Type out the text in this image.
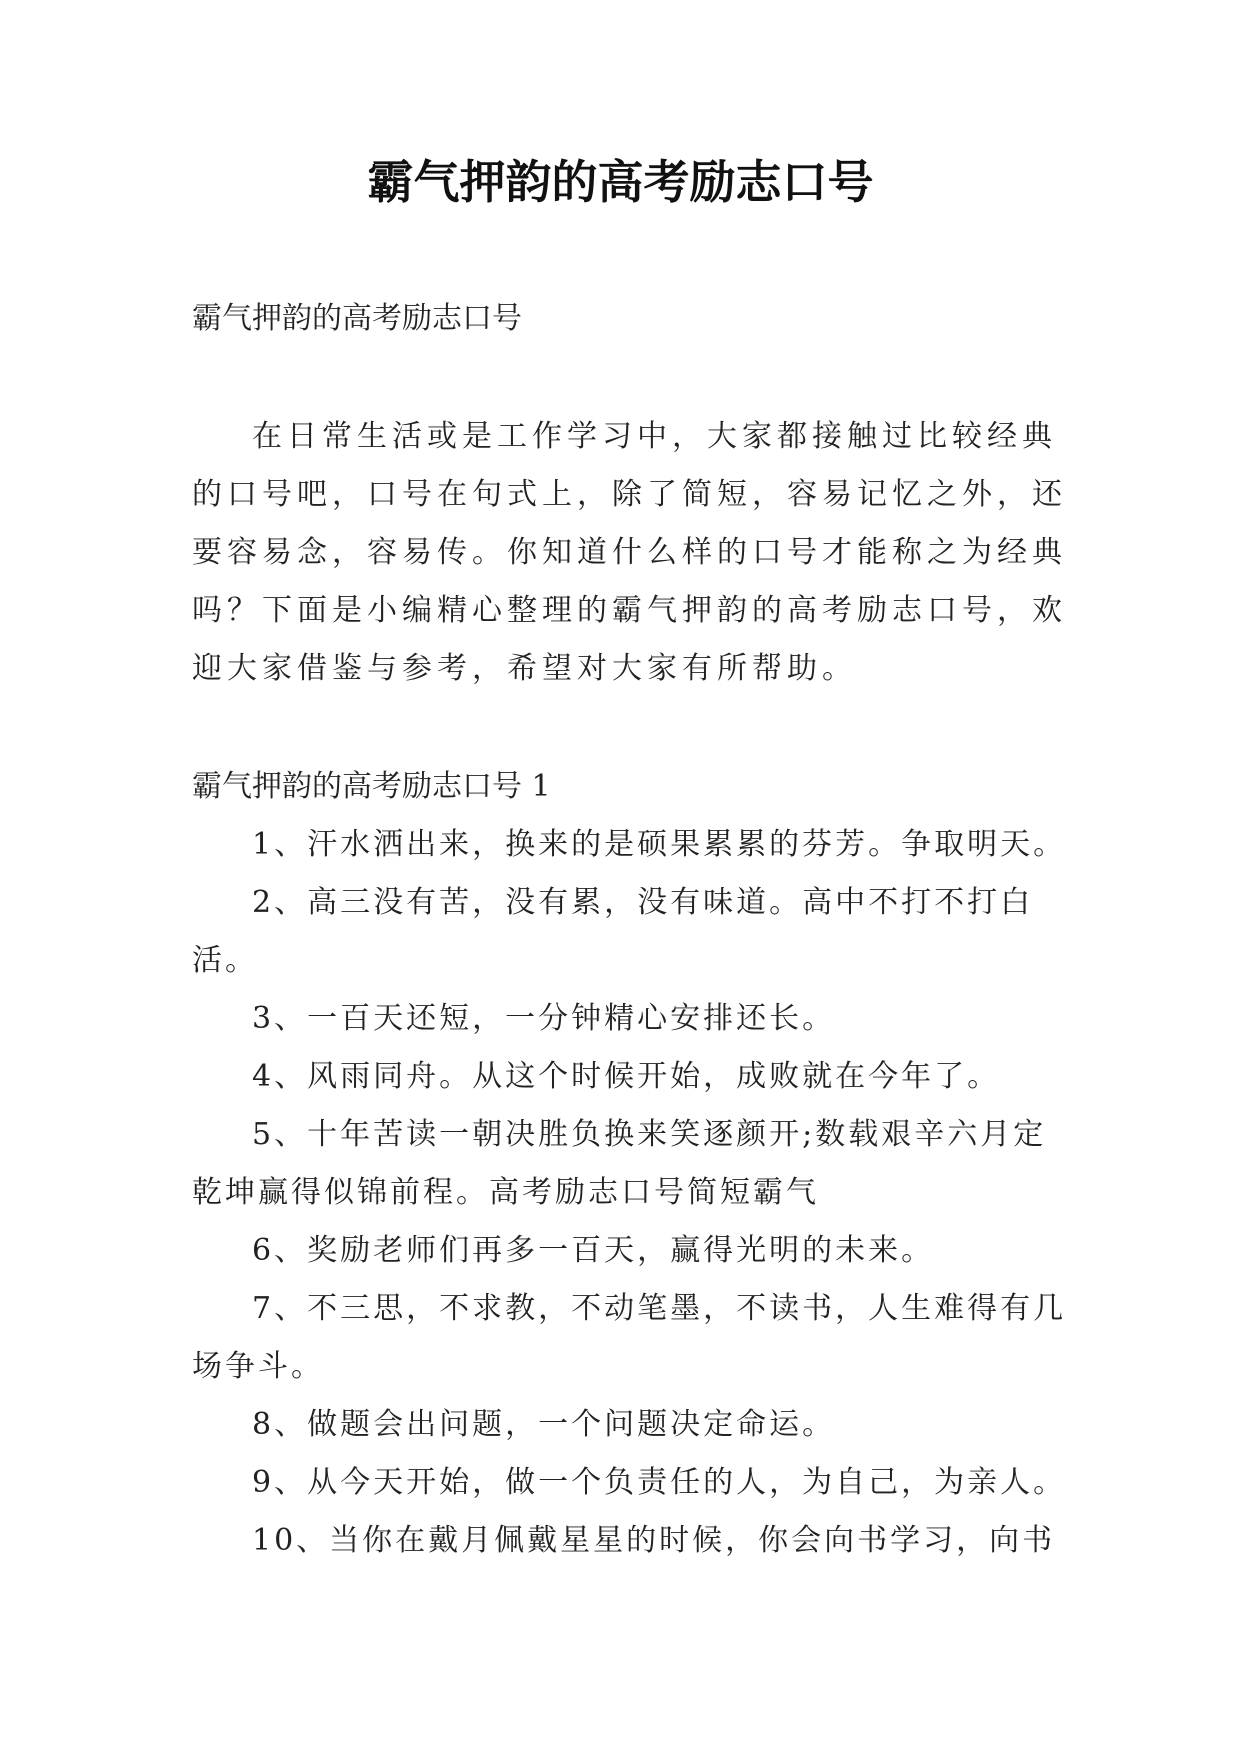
霸气押韵的高考励志口号

霸气押韵的高考励志口号

在日常生活或是工作学习中，大家都接触过比较经典的口号吧，口号在句式上，除了简短，容易记忆之外，还要容易念，容易传。你知道什么样的口号才能称之为经典吗？下面是小编精心整理的霸气押韵的高考励志口号，欢迎大家借鉴与参考，希望对大家有所帮助。

霸气押韵的高考励志口号 1

1、汗水洒出来，换来的是硕果累累的芬芳。争取明天。

2、高三没有苦，没有累，没有味道。高中不打不打白活。

3、一百天还短，一分钟精心安排还长。

4、风雨同舟。从这个时候开始，成败就在今年了。

5、十年苦读一朝决胜负换来笑逐颜开;数载艰辛六月定乾坤赢得似锦前程。高考励志口号简短霸气

6、奖励老师们再多一百天，赢得光明的未来。

7、不三思，不求教，不动笔墨，不读书，人生难得有几场争斗。

8、做题会出问题，一个问题决定命运。

9、从今天开始，做一个负责任的人，为自己，为亲人。

10、当你在戴月佩戴星星的时候，你会向书学习，向书
